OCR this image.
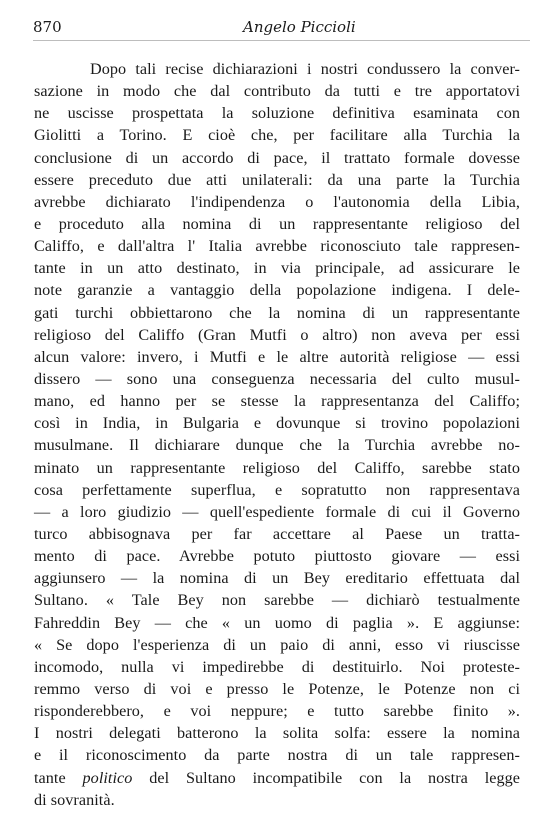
870	Angelo Piccioli
Dopo tali recise dichiarazioni i nostri condussero la conver-
sazione in modo che dal contributo da tutti e tre apportatovi
ne uscisse prospettata la soluzione definitiva esaminata con
Giolitti a Torino. E cioè che, per facilitare alla Turchia la
conclusione di un accordo di pace, il trattato formale dovesse
essere preceduto due atti unilaterali: da una parte la Turchia
avrebbe dichiarato l'indipendenza o l'autonomia della Libia,
e proceduto alla nomina di un rappresentante religioso del
Califfo, e dall'altra l' Italia avrebbe riconosciuto tale rappresen-
tante in un atto destinato, in via principale, ad assicurare le
note garanzie a vantaggio della popolazione indigena. I dele-
gati turchi obbiettarono che la nomina di un rappresentante
religioso del Califfo (Gran Mutfi o altro) non aveva per essi
alcun valore: invero, i Mutfi e le altre autorità religiose — essi
dissero — sono una conseguenza necessaria del culto musul-
mano, ed hanno per se stesse la rappresentanza del Califfo;
così in India, in Bulgaria e dovunque si trovino popolazioni
musulmane. Il dichiarare dunque che la Turchia avrebbe no-
minato un rappresentante religioso del Califfo, sarebbe stato
cosa perfettamente superflua, e sopratutto non rappresentava
— a loro giudizio — quell'espediente formale di cui il Governo
turco abbisognava per far accettare al Paese un tratta-
mento di pace. Avrebbe potuto piuttosto giovare — essi
aggiunsero — la nomina di un Bey ereditario effettuata dal
Sultano. « Tale Bey non sarebbe — dichiarò testualmente
Fahreddin Bey — che « un uomo di paglia ». E aggiunse:
« Se dopo l'esperienza di un paio di anni, esso vi riuscisse
incomodo, nulla vi impedirebbe di destituirlo. Noi proteste-
remmo verso di voi e presso le Potenze, le Potenze non ci
risponderebbero, e voi neppure; e tutto sarebbe finito ».
I nostri delegati batterono la solita solfa: essere la nomina
e il riconoscimento da parte nostra di un tale rappresen-
tante politico del Sultano incompatibile con la nostra legge
di sovranità.
